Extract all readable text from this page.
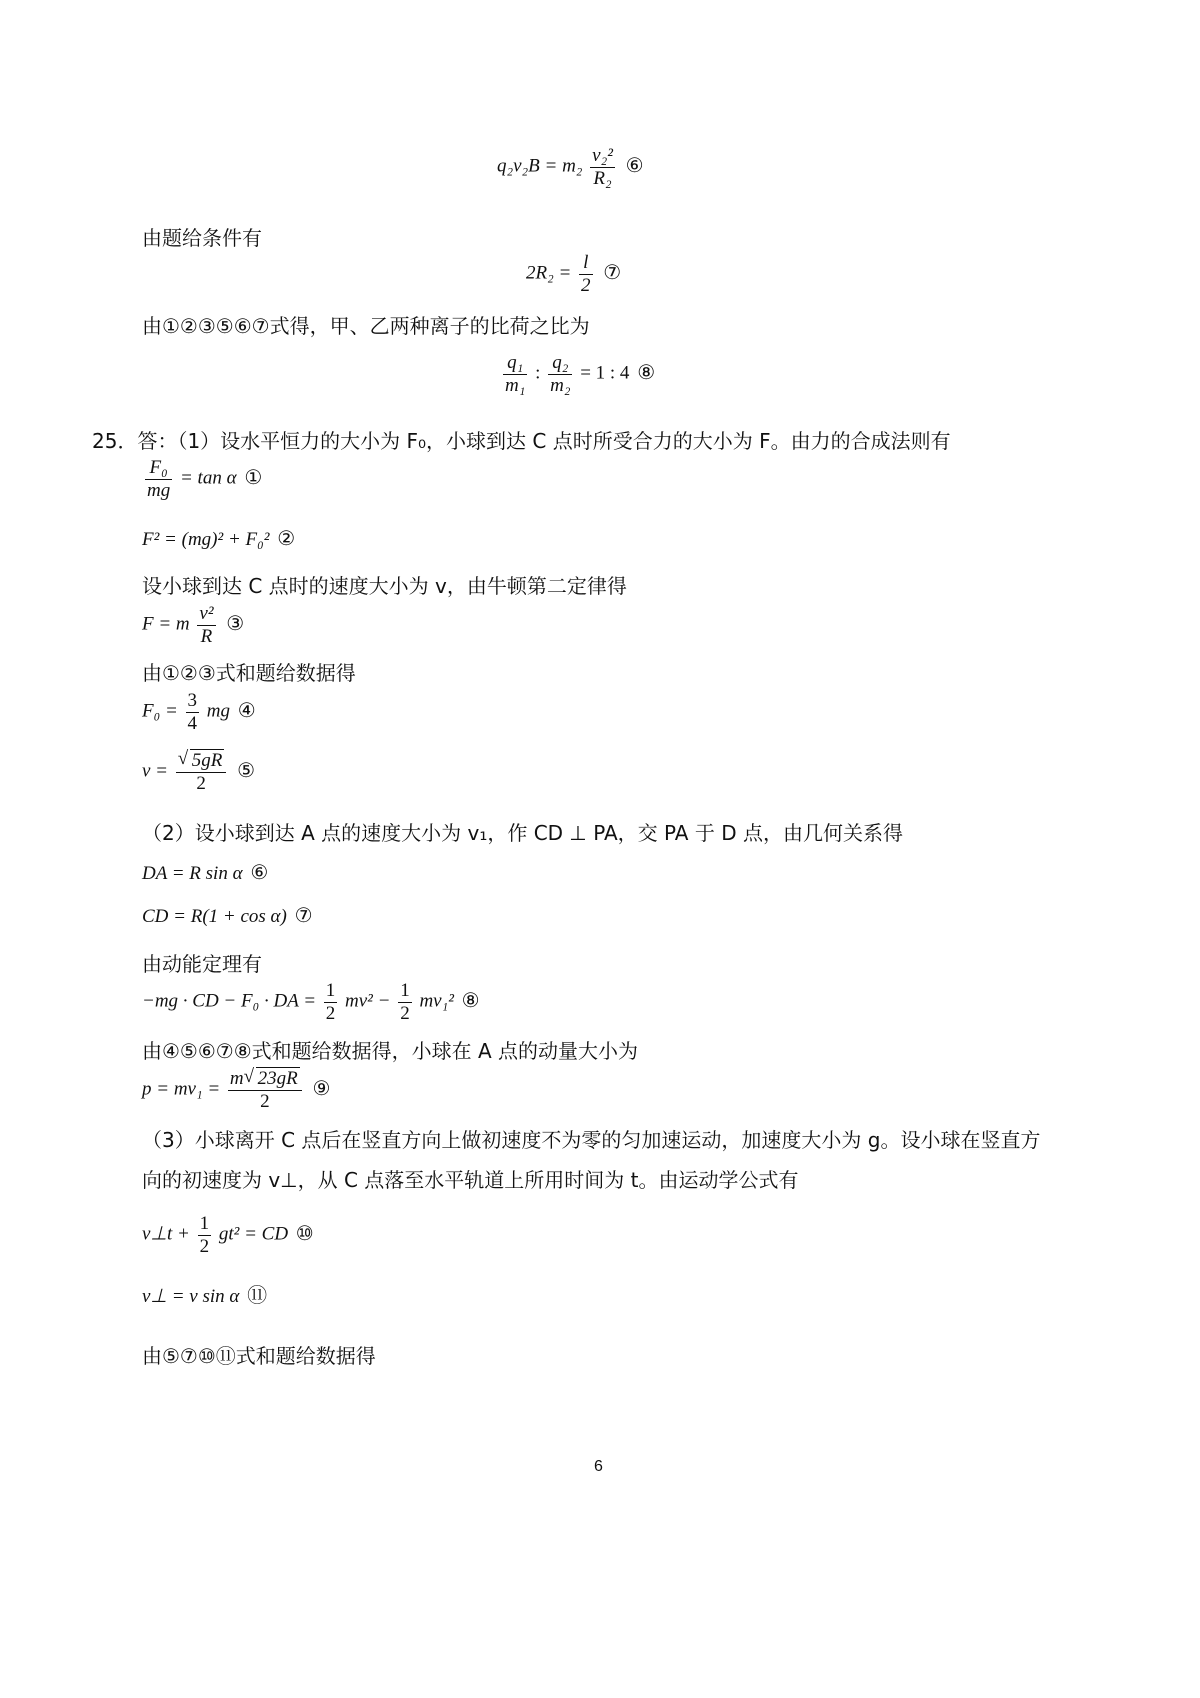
$q_2v_2B = m_2 \frac{\text{v₂²}}{\text{R₂}}$ ⑥
由题给条件有
$2R_2 = \frac{l}{2}$ ⑦
由①②③⑤⑥⑦式得，甲、乙两种离子的比荷之比为
$\frac{\text{q₁}}{\text{m₁}}$ : $\frac{\text{q₂}}{\text{m₂}} = 1$ : 4 ⑧
25．答：（1）设水平恒力的大小为 F₀，小球到达 C 点时所受合力的大小为 F。由力的合成法则有
$\frac{\text{F₀}}{mg} = \tan \alpha$ ①
F² = (mg)² + F₀² ②
设小球到达 C 点时的速度大小为 v，由牛顿第二定律得
F = m $\frac{\text{v²}}{R}$ ③
由①②③式和题给数据得
$F_0 = \frac{3}{4}$ mg ④
v = √ $\frac{5gR}{2}$ ⑤
（2）设小球到达 A 点的速度大小为 v₁，作 CD ⊥ PA，交 PA 于 D 点，由几何关系得
DA = R sin α ⑥
CD = R(1 + cos α) ⑦
由动能定理有
−mg · CD − F₀ · DA = $\frac{1}{2} mv^2 - \frac{1}{2} mv_1^2$ ⑧
由④⑤⑥⑦⑧式和题给数据得，小球在 A 点的动量大小为
$p = mv_1 = \frac{m √ 23gR}{2}$ ⑨
（3）小球离开 C 点后在竖直方向上做初速度不为零的匀加速运动，加速度大小为 g。设小球在竖直方
向的初速度为 v⊥，从 C 点落至水平轨道上所用时间为 t。由运动学公式有
v⊥t + $\frac{1}{2} gt^2$ = CD ⑩
v⊥ = v sin α ⑪
由⑤⑦⑩⑪式和题给数据得
6
